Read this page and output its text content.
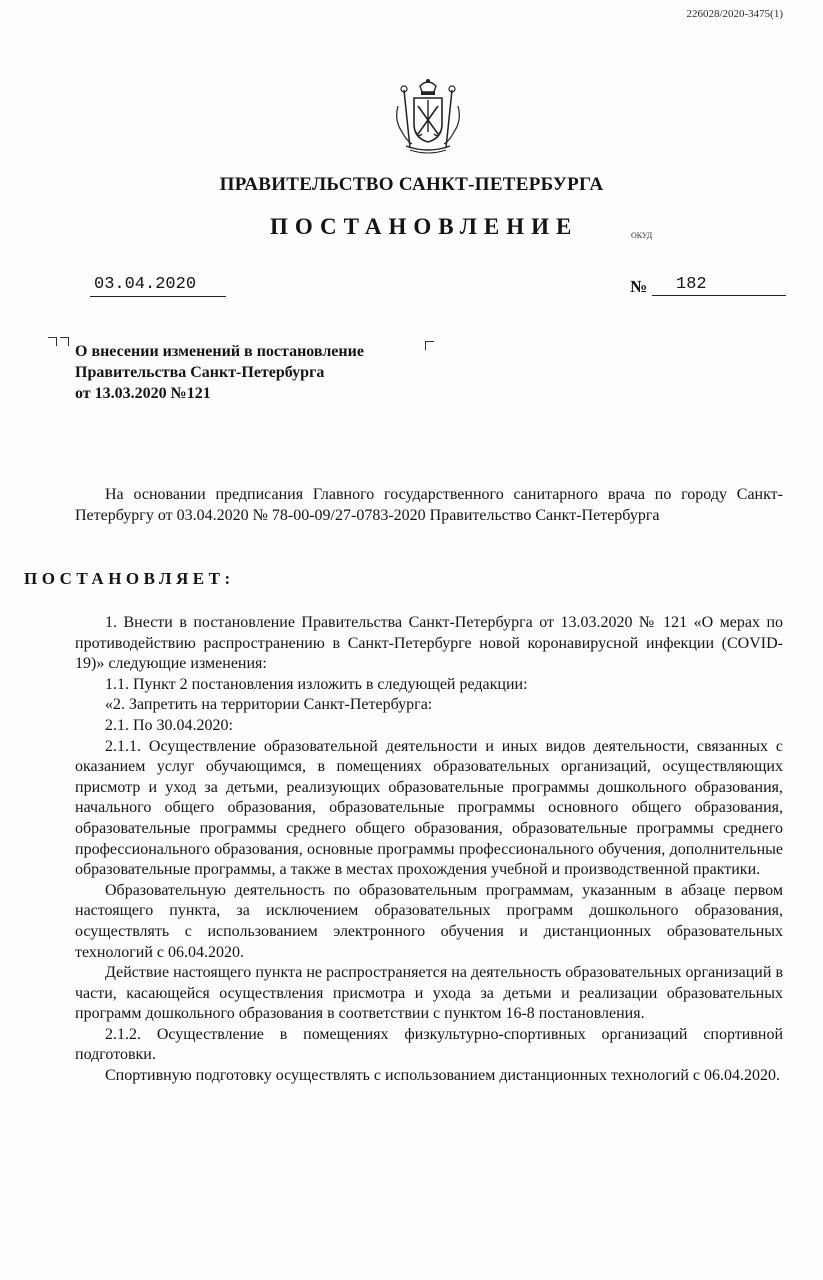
226028/2020-3475(1)
ПРАВИТЕЛЬСТВО САНКТ-ПЕТЕРБУРГА
ПОСТАНОВЛЕНИЕ	ОКУД
03.04.2020	№	182
О внесении изменений в постановление
Правительства Санкт-Петербурга
от 13.03.2020 №121
На основании предписания Главного государственного санитарного врача по городу Санкт-Петербургу от 03.04.2020 № 78-00-09/27-0783-2020 Правительство Санкт-Петербурга
ПОСТАНОВЛЯЕТ:
1. Внести в постановление Правительства Санкт-Петербурга от 13.03.2020 № 121 «О мерах по противодействию распространению в Санкт-Петербурге новой коронавирусной инфекции (COVID-19)» следующие изменения:
1.1. Пункт 2 постановления изложить в следующей редакции:
«2. Запретить на территории Санкт-Петербурга:
2.1. По 30.04.2020:
2.1.1. Осуществление образовательной деятельности и иных видов деятельности, связанных с оказанием услуг обучающимся, в помещениях образовательных организаций, осуществляющих присмотр и уход за детьми, реализующих образовательные программы дошкольного образования, начального общего образования, образовательные программы основного общего образования, образовательные программы среднего общего образования, образовательные программы среднего профессионального образования, основные программы профессионального обучения, дополнительные образовательные программы, а также в местах прохождения учебной и производственной практики.
Образовательную деятельность по образовательным программам, указанным в абзаце первом настоящего пункта, за исключением образовательных программ дошкольного образования, осуществлять с использованием электронного обучения и дистанционных образовательных технологий с 06.04.2020.
Действие настоящего пункта не распространяется на деятельность образовательных организаций в части, касающейся осуществления присмотра и ухода за детьми и реализации образовательных программ дошкольного образования в соответствии с пунктом 16-8 постановления.
2.1.2. Осуществление в помещениях физкультурно-спортивных организаций спортивной подготовки.
Спортивную подготовку осуществлять с использованием дистанционных технологий с 06.04.2020.
